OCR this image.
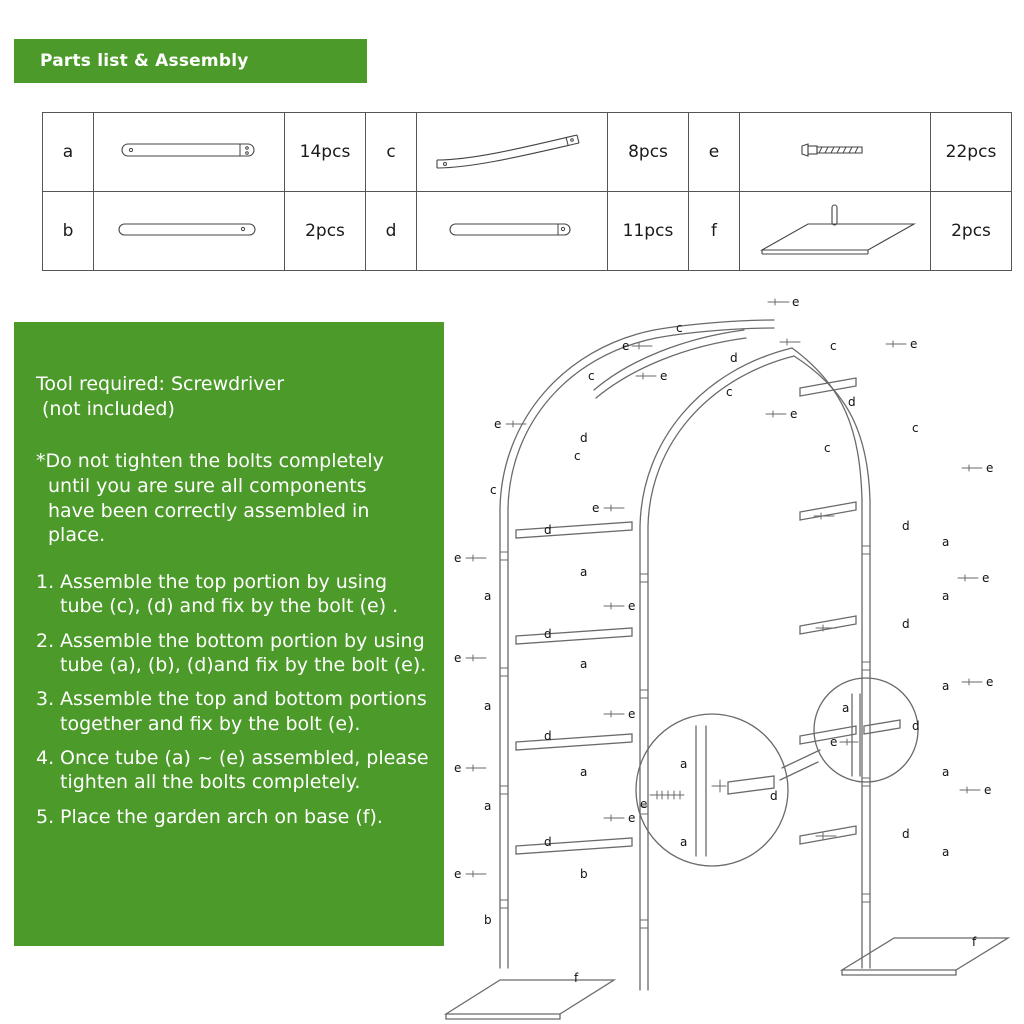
Parts list & Assembly
a		14pcs	c		8pcs	e		22pcs
b		2pcs	d		11pcs	f		2pcs
Tool required: Screwdriver
(not included)
*Do not tighten the bolts completely
until you are sure all components
have been correctly assembled in
place.
1. Assemble the top portion by using tube (c), (d) and fix by the bolt (e) .
2. Assemble the bottom portion by using tube (a), (b), (d)and fix by the bolt (e).
3. Assemble the top and bottom portions together and fix by the bolt (e).
4. Once tube (a) ~ (e) assembled, please tighten all the bolts completely.
5. Place the garden arch on base (f).
e
e
e
e
e
e
e
e
e
e
e
e
e
e
e
e
e
e
e
e
c
c
c
c
c
c
c
c
d
d
d
d
d
d
d
d
d
d
d
d
a
a
a
a
a
a
a
a
a
a
a
a
a
a
b
b
f
f
